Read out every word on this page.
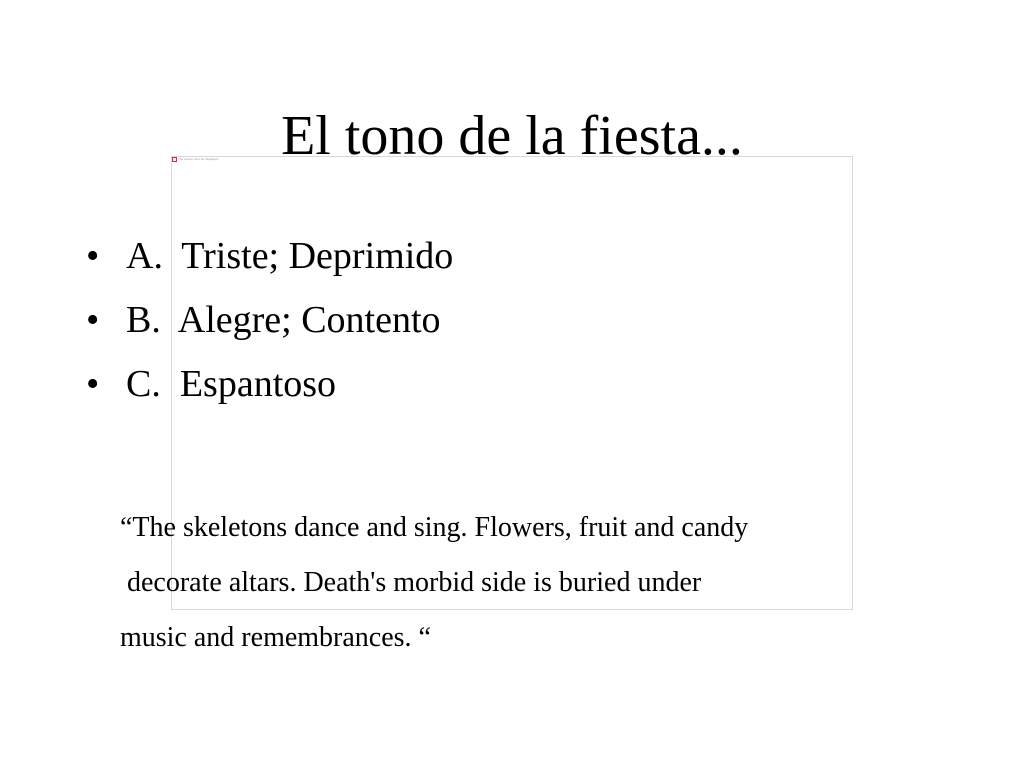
El tono de la fiesta...
The picture can't be displayed.
• A.  Triste; Deprimido
• B.  Alegre; Contento
• C.  Espantoso
“The skeletons dance and sing. Flowers, fruit and candy
decorate altars. Death's morbid side is buried under
music and remembrances. “
